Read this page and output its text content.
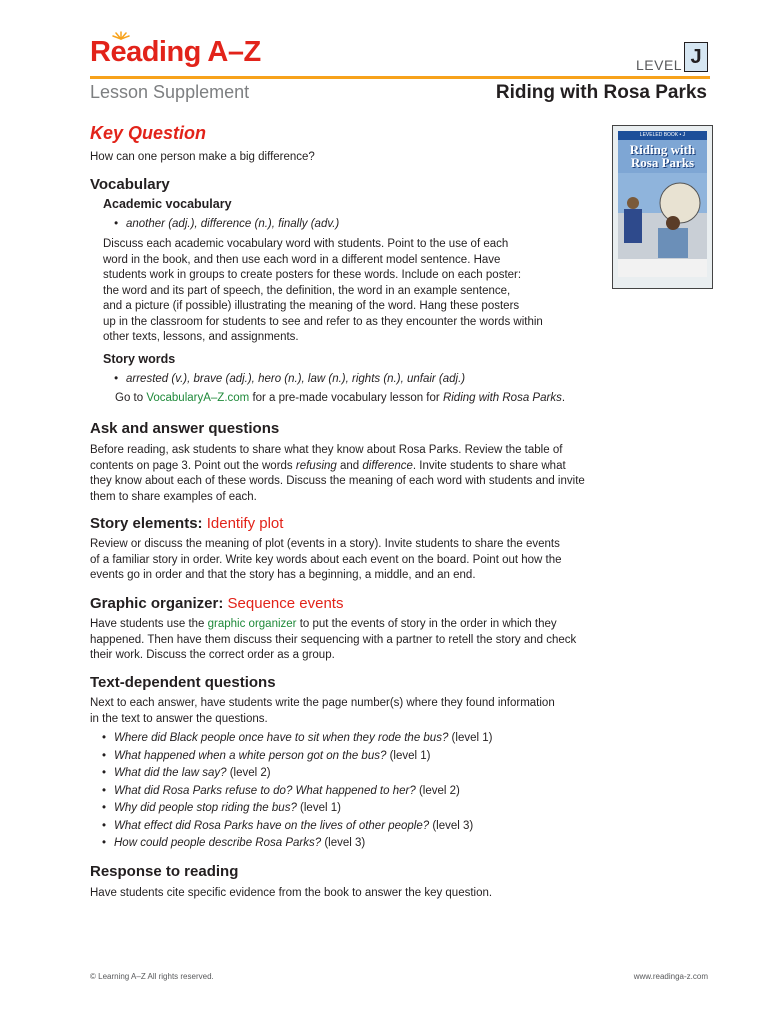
Reading A–Z
Lesson Supplement
LEVEL J
Riding with Rosa Parks
LEVELED BOOK • J
Riding with
Rosa Parks
Key Question

How can one person make a big difference?

Vocabulary
Academic vocabulary
• another (adj.), difference (n.), finally (adv.)
Discuss each academic vocabulary word with students. Point to the use of each
word in the book, and then use each word in a different model sentence. Have
students work in groups to create posters for these words. Include on each poster:
the word and its part of speech, the definition, the word in an example sentence,
and a picture (if possible) illustrating the meaning of the word. Hang these posters
up in the classroom for students to see and refer to as they encounter the words within
other texts, lessons, and assignments.
Story words
• arrested (v.), brave (adj.), hero (n.), law (n.), rights (n.), unfair (adj.)

Go to VocabularyA–Z.com for a pre-made vocabulary lesson for Riding with Rosa Parks.

Ask and answer questions
Before reading, ask students to share what they know about Rosa Parks. Review the table of
contents on page 3. Point out the words refusing and difference. Invite students to share what
they know about each of these words. Discuss the meaning of each word with students and invite
them to share examples of each.
Story elements: Identify plot
Review or discuss the meaning of plot (events in a story). Invite students to share the events
of a familiar story in order. Write key words about each event on the board. Point out how the
events go in order and that the story has a beginning, a middle, and an end.
Graphic organizer: Sequence events
Have students use the graphic organizer to put the events of story in the order in which they
happened. Then have them discuss their sequencing with a partner to retell the story and check
their work. Discuss the correct order as a group.
Text-dependent questions
Next to each answer, have students write the page number(s) where they found information
in the text to answer the questions.
• Where did Black people once have to sit when they rode the bus? (level 1)
• What happened when a white person got on the bus? (level 1)
• What did the law say? (level 2)
• What did Rosa Parks refuse to do? What happened to her? (level 2)
• Why did people stop riding the bus? (level 1)
• What effect did Rosa Parks have on the lives of other people? (level 3)
• How could people describe Rosa Parks? (level 3)
Response to reading

Have students cite specific evidence from the book to answer the key question.

© Learning A–Z All rights reserved.	www.readinga-z.com
